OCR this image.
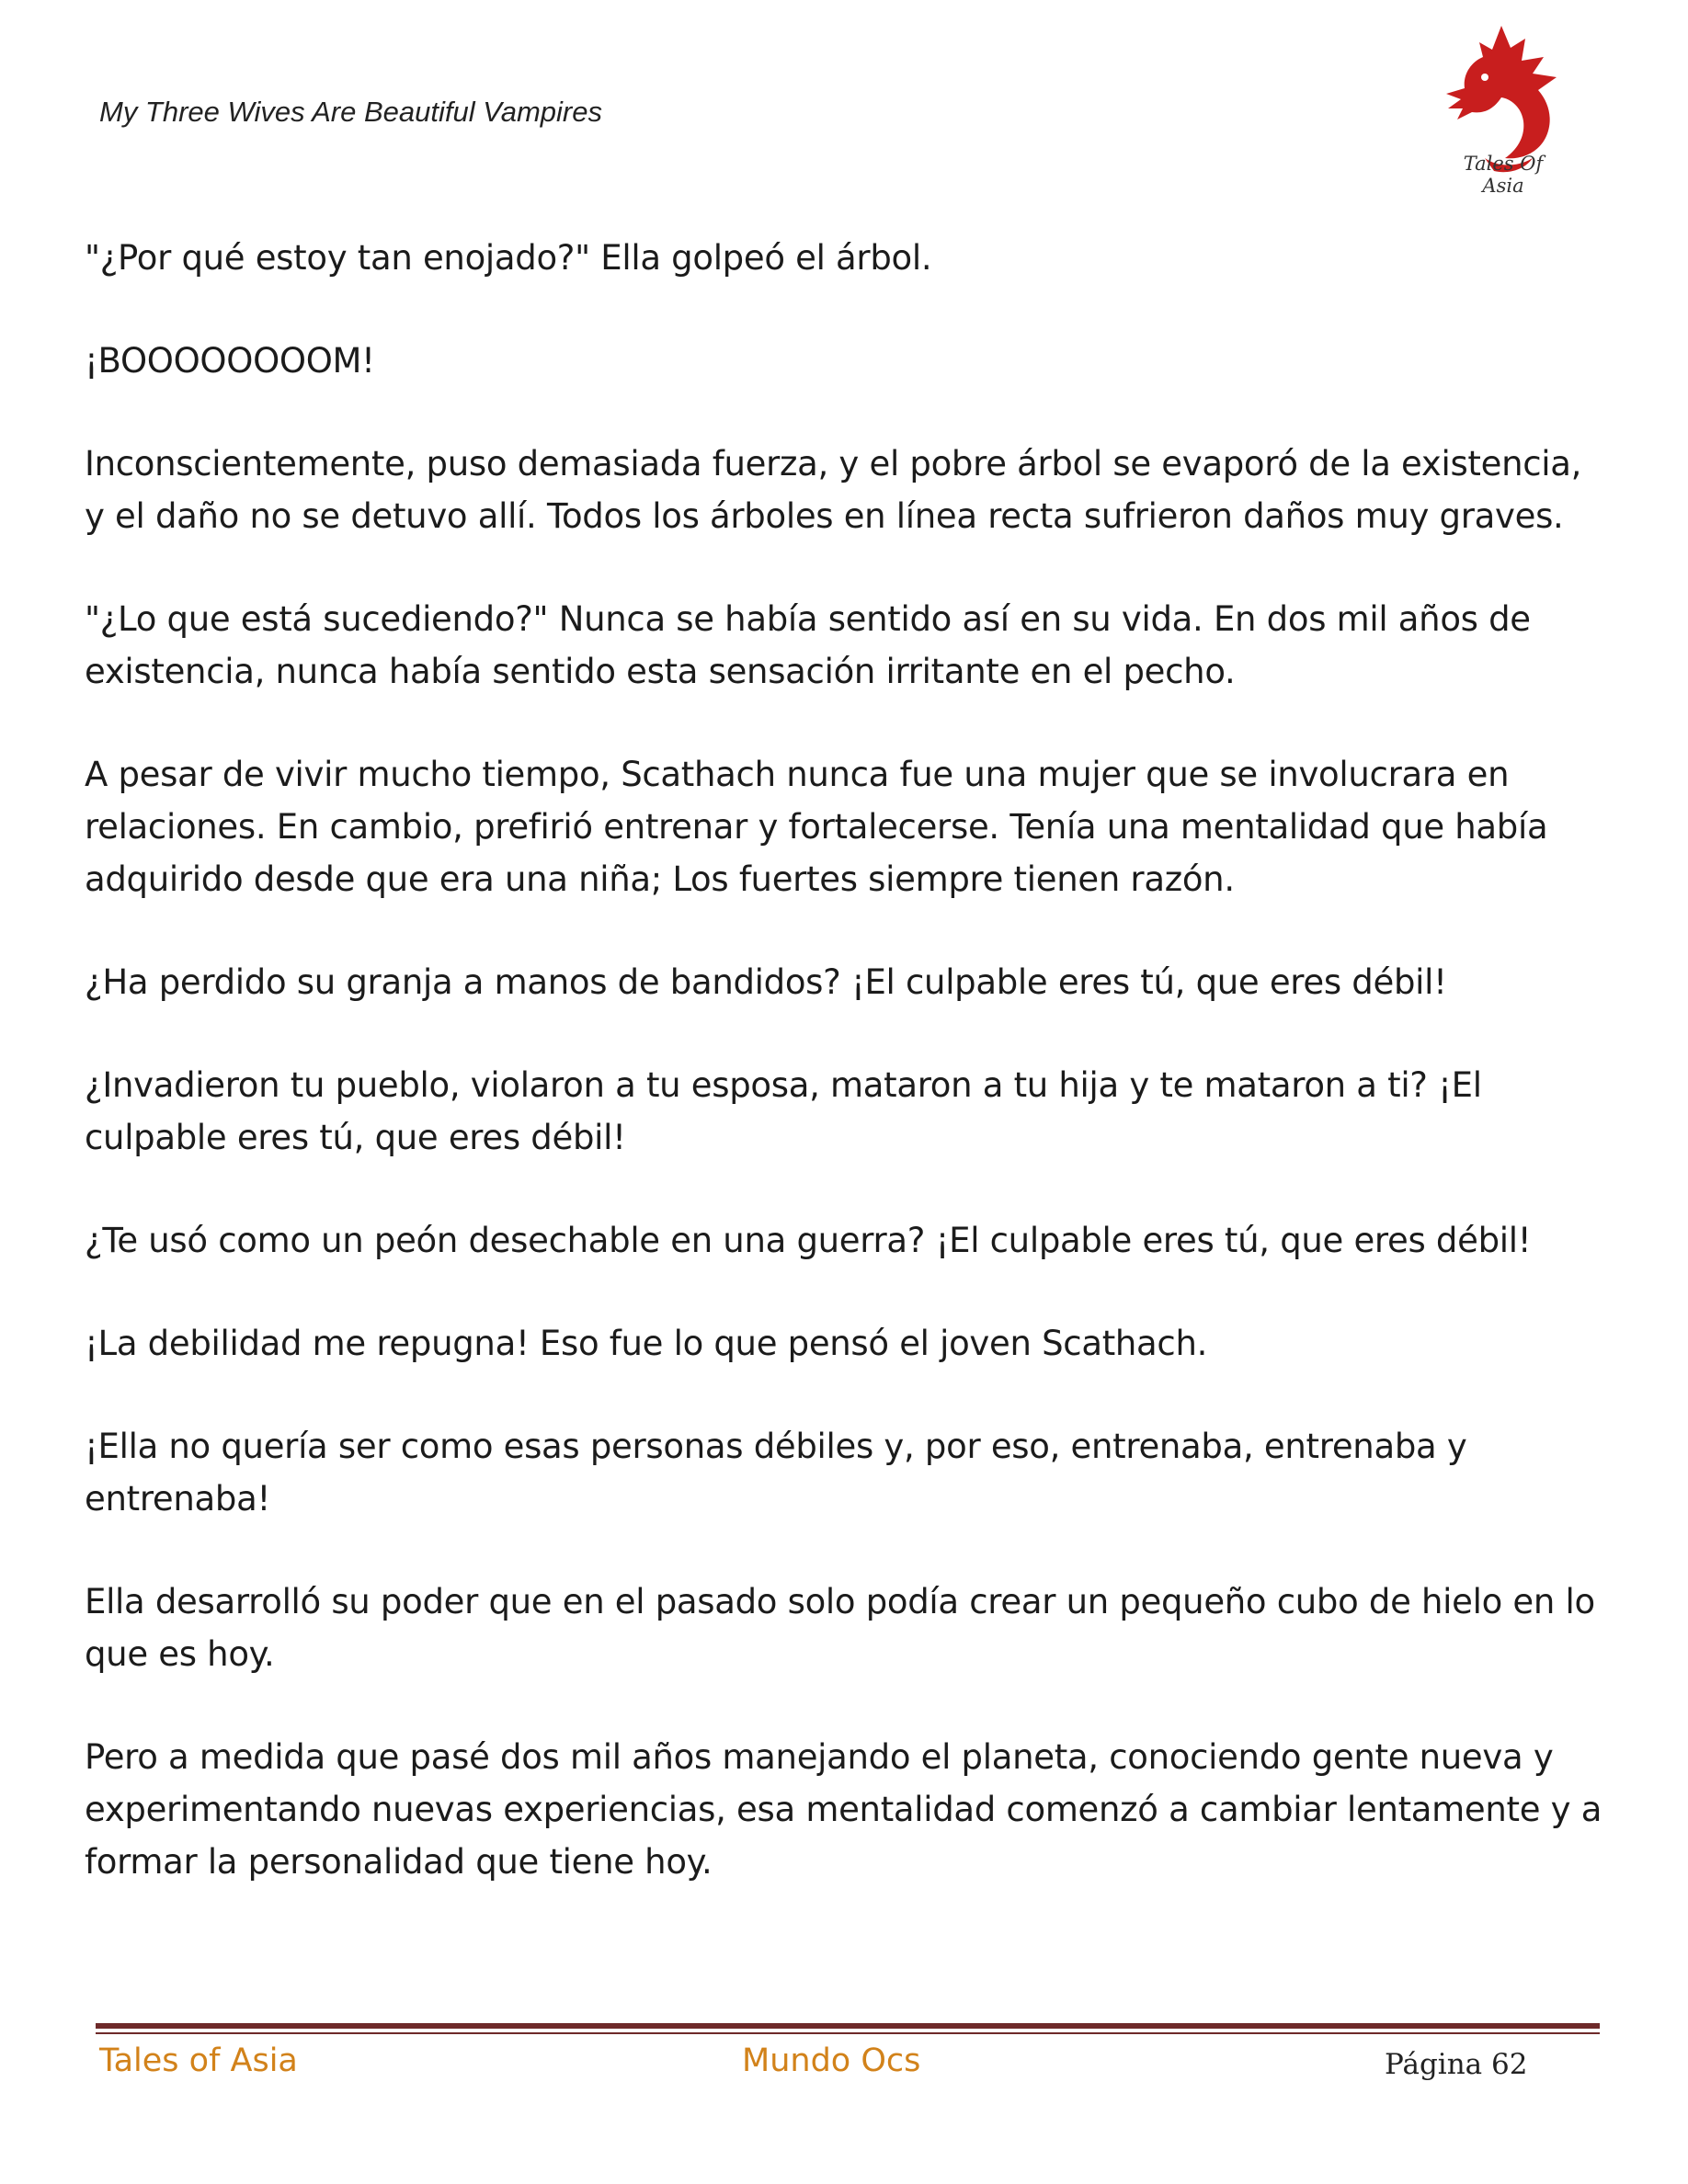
My Three Wives Are Beautiful Vampires
Tales Of Asia

"¿Por qué estoy tan enojado?" Ella golpeó el árbol.

¡BOOOOOOOOM!

Inconscientemente, puso demasiada fuerza, y el pobre árbol se evaporó de la existencia, y el daño no se detuvo allí. Todos los árboles en línea recta sufrieron daños muy graves.

"¿Lo que está sucediendo?" Nunca se había sentido así en su vida. En dos mil años de existencia, nunca había sentido esta sensación irritante en el pecho.

A pesar de vivir mucho tiempo, Scathach nunca fue una mujer que se involucrara en relaciones. En cambio, prefirió entrenar y fortalecerse. Tenía una mentalidad que había adquirido desde que era una niña; Los fuertes siempre tienen razón.

¿Ha perdido su granja a manos de bandidos? ¡El culpable eres tú, que eres débil!

¿Invadieron tu pueblo, violaron a tu esposa, mataron a tu hija y te mataron a ti? ¡El culpable eres tú, que eres débil!

¿Te usó como un peón desechable en una guerra? ¡El culpable eres tú, que eres débil!

¡La debilidad me repugna! Eso fue lo que pensó el joven Scathach.

¡Ella no quería ser como esas personas débiles y, por eso, entrenaba, entrenaba y entrenaba!

Ella desarrolló su poder que en el pasado solo podía crear un pequeño cubo de hielo en lo que es hoy.

Pero a medida que pasé dos mil años manejando el planeta, conociendo gente nueva y experimentando nuevas experiencias, esa mentalidad comenzó a cambiar lentamente y a formar la personalidad que tiene hoy.

Tales of Asia	Mundo Ocs	Página 62
